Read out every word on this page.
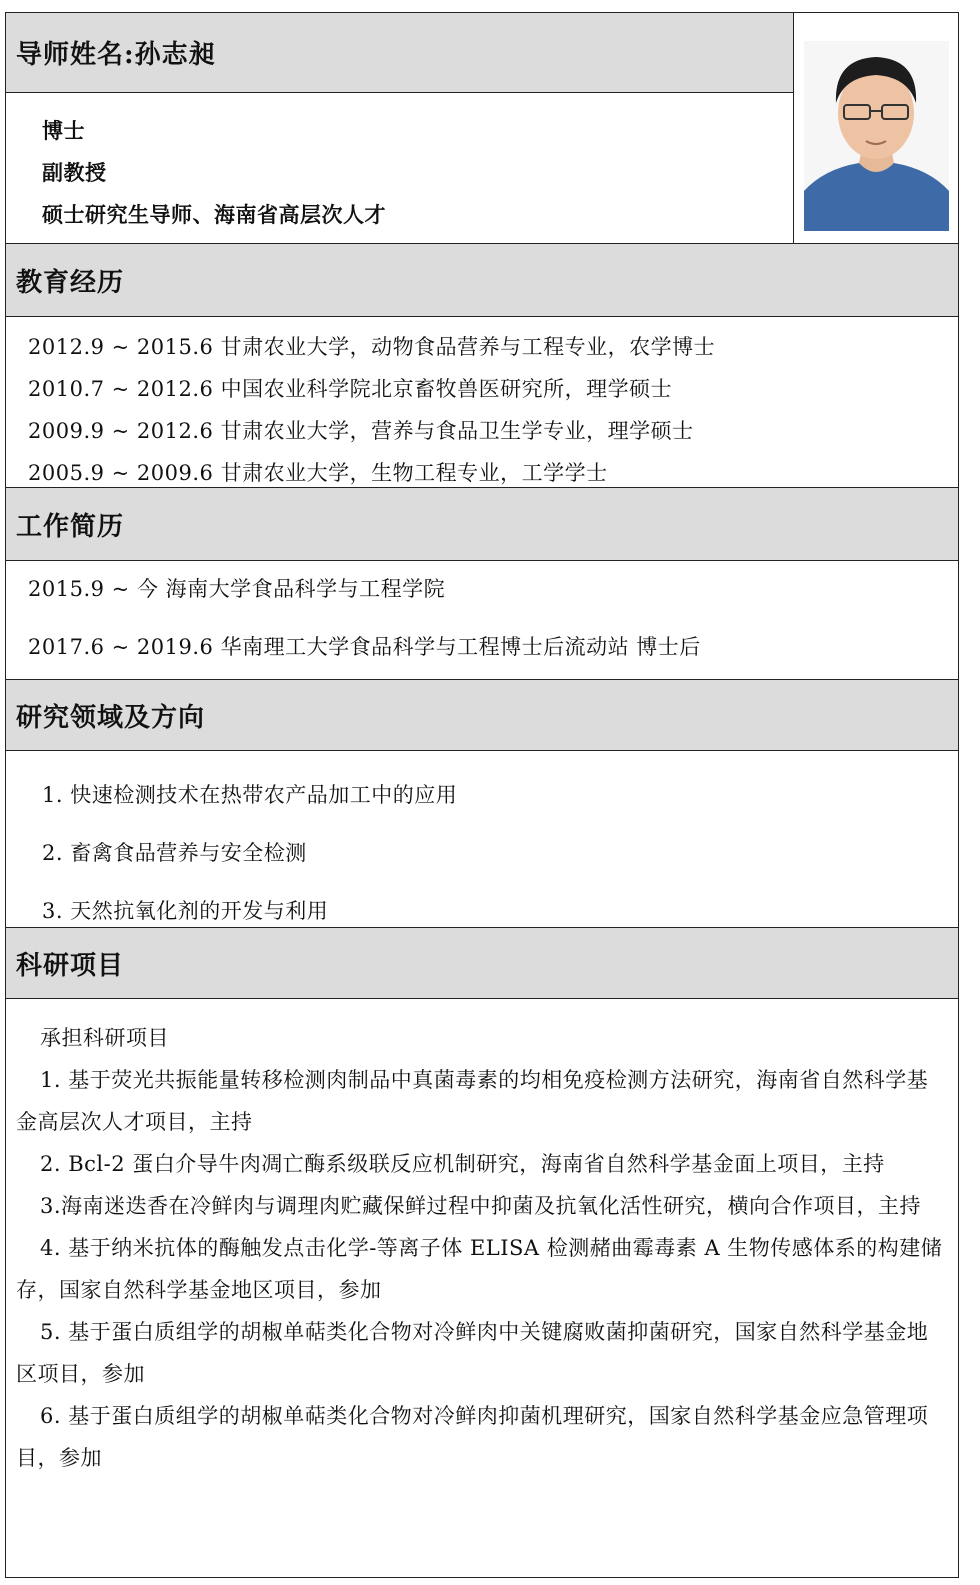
导师姓名:孙志昶
博士
副教授
硕士研究生导师、海南省高层次人才
教育经历
2012.9 ~ 2015.6 甘肃农业大学，动物食品营养与工程专业，农学博士
2010.7 ~ 2012.6 中国农业科学院北京畜牧兽医研究所，理学硕士
2009.9 ~ 2012.6 甘肃农业大学，营养与食品卫生学专业，理学硕士
2005.9 ~ 2009.6 甘肃农业大学，生物工程专业，工学学士
工作简历
2015.9 ~ 今 海南大学食品科学与工程学院
2017.6 ~ 2019.6 华南理工大学食品科学与工程博士后流动站 博士后
研究领域及方向
1. 快速检测技术在热带农产品加工中的应用
2. 畜禽食品营养与安全检测
3. 天然抗氧化剂的开发与利用
科研项目

承担科研项目

1. 基于荧光共振能量转移检测肉制品中真菌毒素的均相免疫检测方法研究，海南省自然科学基金高层次人才项目，主持

2. Bcl-2 蛋白介导牛肉凋亡酶系级联反应机制研究，海南省自然科学基金面上项目，主持

3.海南迷迭香在冷鲜肉与调理肉贮藏保鲜过程中抑菌及抗氧化活性研究，横向合作项目，主持

4. 基于纳米抗体的酶触发点击化学-等离子体 ELISA 检测赭曲霉毒素 A 生物传感体系的构建储存，国家自然科学基金地区项目，参加

5. 基于蛋白质组学的胡椒单萜类化合物对冷鲜肉中关键腐败菌抑菌研究，国家自然科学基金地区项目，参加

6. 基于蛋白质组学的胡椒单萜类化合物对冷鲜肉抑菌机理研究，国家自然科学基金应急管理项目，参加
